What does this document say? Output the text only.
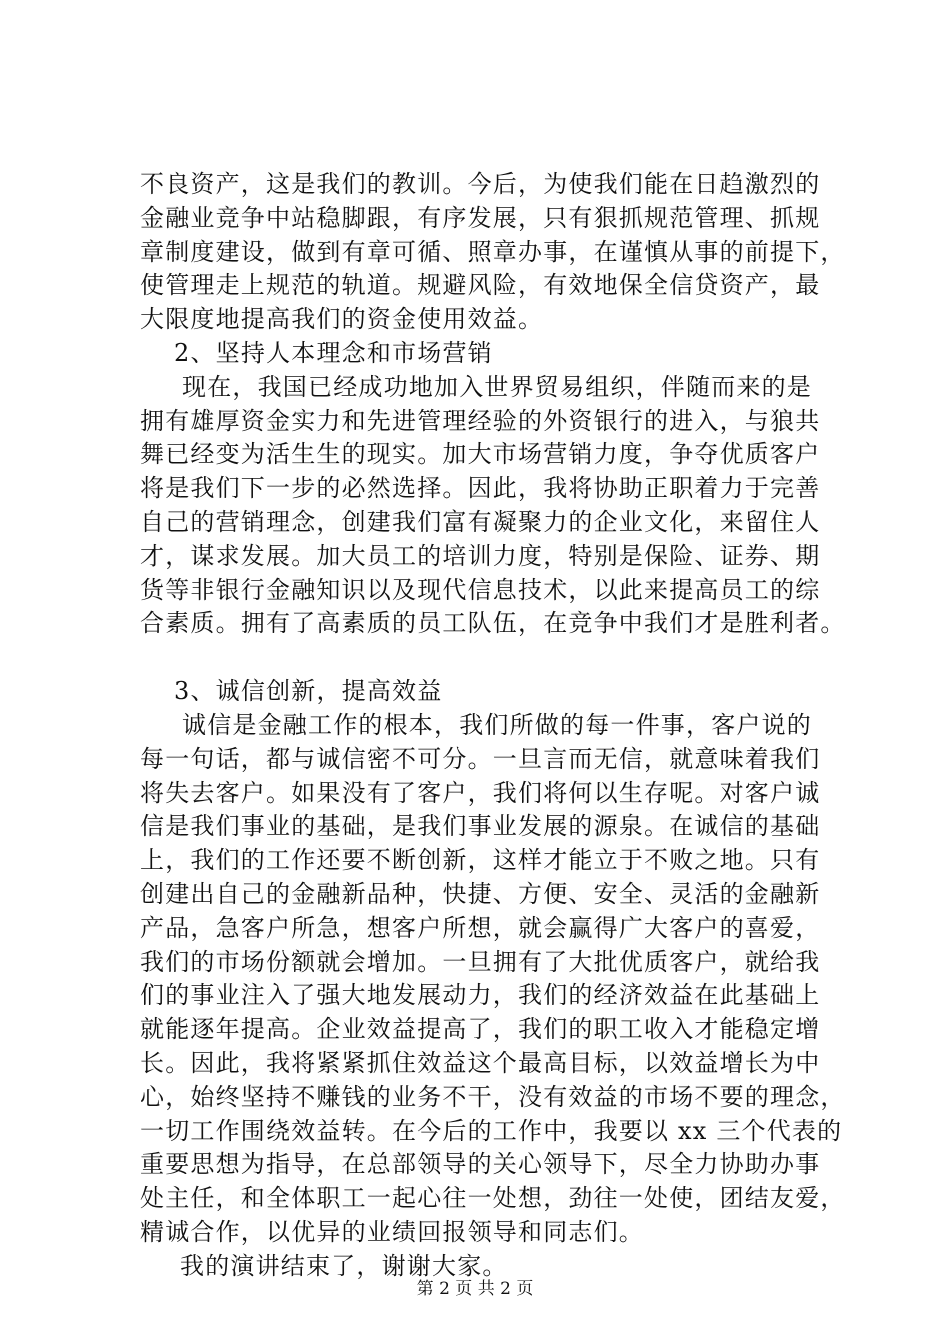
不良资产，这是我们的教训。今后，为使我们能在日趋激烈的
金融业竞争中站稳脚跟，有序发展，只有狠抓规范管理、抓规
章制度建设，做到有章可循、照章办事，在谨慎从事的前提下，
使管理走上规范的轨道。规避风险，有效地保全信贷资产，最
大限度地提高我们的资金使用效益。
2、坚持人本理念和市场营销
现在，我国已经成功地加入世界贸易组织，伴随而来的是
拥有雄厚资金实力和先进管理经验的外资银行的进入，与狼共
舞已经变为活生生的现实。加大市场营销力度，争夺优质客户
将是我们下一步的必然选择。因此，我将协助正职着力于完善
自己的营销理念，创建我们富有凝聚力的企业文化，来留住人
才，谋求发展。加大员工的培训力度，特别是保险、证券、期
货等非银行金融知识以及现代信息技术，以此来提高员工的综
合素质。拥有了高素质的员工队伍，在竞争中我们才是胜利者。
3、诚信创新，提高效益
诚信是金融工作的根本，我们所做的每一件事，客户说的
每一句话，都与诚信密不可分。一旦言而无信，就意味着我们
将失去客户。如果没有了客户，我们将何以生存呢。对客户诚
信是我们事业的基础，是我们事业发展的源泉。在诚信的基础
上，我们的工作还要不断创新，这样才能立于不败之地。只有
创建出自己的金融新品种，快捷、方便、安全、灵活的金融新
产品，急客户所急，想客户所想，就会赢得广大客户的喜爱，
我们的市场份额就会增加。一旦拥有了大批优质客户，就给我
们的事业注入了强大地发展动力，我们的经济效益在此基础上
就能逐年提高。企业效益提高了，我们的职工收入才能稳定增
长。因此，我将紧紧抓住效益这个最高目标，以效益增长为中
心，始终坚持不赚钱的业务不干，没有效益的市场不要的理念，
一切工作围绕效益转。在今后的工作中，我要以 xx 三个代表的
重要思想为指导，在总部领导的关心领导下，尽全力协助办事
处主任，和全体职工一起心往一处想，劲往一处使，团结友爱，
精诚合作，以优异的业绩回报领导和同志们。
我的演讲结束了，谢谢大家。
第 2 页 共 2 页
